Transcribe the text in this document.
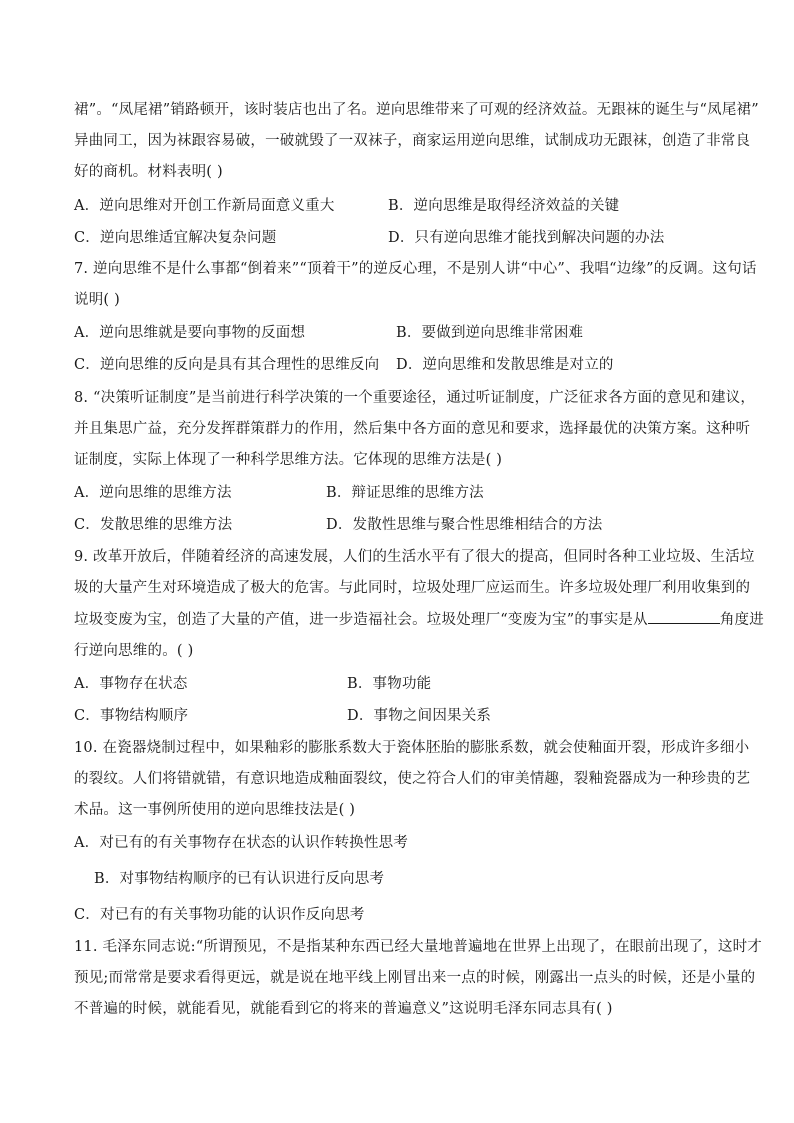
裙”。“凤尾裙”销路顿开，该时装店也出了名。逆向思维带来了可观的经济效益。无跟袜的诞生与“凤尾裙”
异曲同工，因为袜跟容易破，一破就毁了一双袜子，商家运用逆向思维，试制成功无跟袜，创造了非常良
好的商机。材料表明( )
A．逆向思维对开创工作新局面意义重大	B．逆向思维是取得经济效益的关键
C．逆向思维适宜解决复杂问题	D．只有逆向思维才能找到解决问题的办法
7. 逆向思维不是什么事都“倒着来”“顶着干”的逆反心理，不是别人讲“中心”、我唱“边缘”的反调。这句话
说明( )
A．逆向思维就是要向事物的反面想	B．要做到逆向思维非常困难
C．逆向思维的反向是具有其合理性的思维反向 D．逆向思维和发散思维是对立的
8. “决策听证制度”是当前进行科学决策的一个重要途径，通过听证制度，广泛征求各方面的意见和建议，
并且集思广益，充分发挥群策群力的作用，然后集中各方面的意见和要求，选择最优的决策方案。这种听
证制度，实际上体现了一种科学思维方法。它体现的思维方法是( )
A．逆向思维的思维方法	B．辩证思维的思维方法
C．发散思维的思维方法	D．发散性思维与聚合性思维相结合的方法
9. 改革开放后，伴随着经济的高速发展，人们的生活水平有了很大的提高，但同时各种工业垃圾、生活垃
圾的大量产生对环境造成了极大的危害。与此同时，垃圾处理厂应运而生。许多垃圾处理厂利用收集到的
垃圾变废为宝，创造了大量的产值，进一步造福社会。垃圾处理厂“变废为宝”的事实是从	角度进
行逆向思维的。( )
A．事物存在状态	B．事物功能
C．事物结构顺序	D．事物之间因果关系
10. 在瓷器烧制过程中，如果釉彩的膨胀系数大于瓷体胚胎的膨胀系数，就会使釉面开裂，形成许多细小
的裂纹。人们将错就错，有意识地造成釉面裂纹，使之符合人们的审美情趣，裂釉瓷器成为一种珍贵的艺
术品。这一事例所使用的逆向思维技法是( )
A．对已有的有关事物存在状态的认识作转换性思考
B．对事物结构顺序的已有认识进行反向思考
C．对已有的有关事物功能的认识作反向思考
11. 毛泽东同志说:“所谓预见，不是指某种东西已经大量地普遍地在世界上出现了，在眼前出现了，这时才
预见;而常常是要求看得更远，就是说在地平线上刚冒出来一点的时候，刚露出一点头的时候，还是小量的
不普遍的时候，就能看见，就能看到它的将来的普遍意义”这说明毛泽东同志具有( )
